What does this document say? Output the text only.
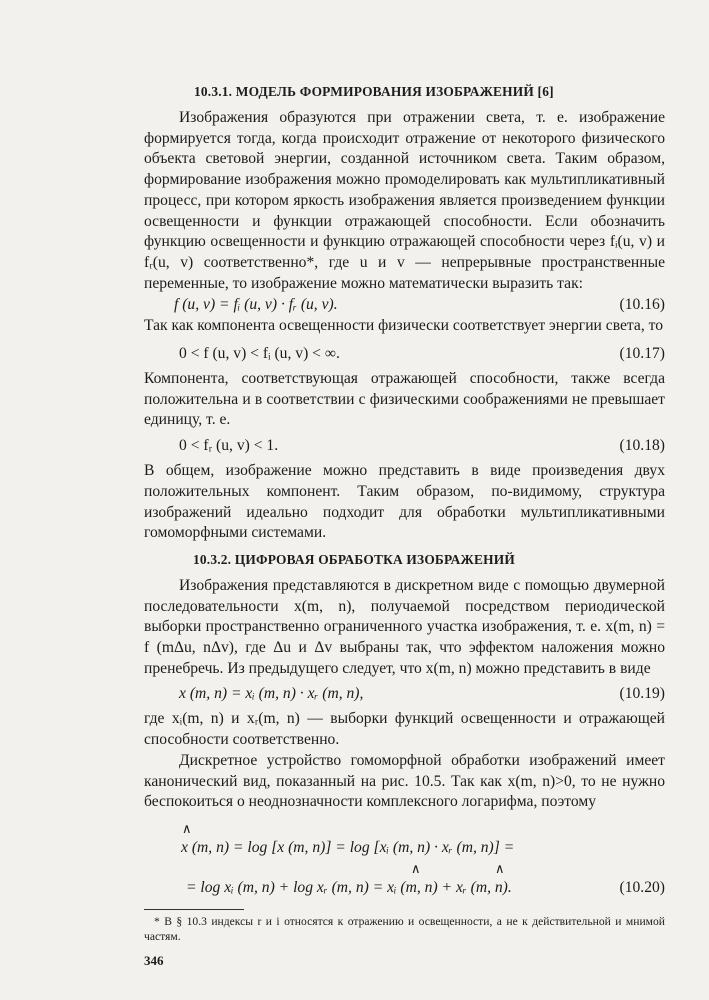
10.3.1. МОДЕЛЬ ФОРМИРОВАНИЯ ИЗОБРАЖЕНИЙ [6]

Изображения образуются при отражении света, т. е. изображение формируется тогда, когда происходит отражение от некоторого физического объекта световой энергии, созданной источником света. Таким образом, формирование изображения можно промоделировать как мультипликативный процесс, при котором яркость изображения является произведением функции освещенности и функции отражающей способности. Если обозначить функцию освещенности и функцию отражающей способности через fᵢ(u, v) и fᵣ(u, v) соответственно*, где u и v — непрерывные пространственные переменные, то изображение можно математически выразить так:

f (u, v) = fᵢ (u, v) · fᵣ (u, v).	(10.16)

Так как компонента освещенности физически соответствует энергии света, то

0 < f (u, v) < fᵢ (u, v) < ∞.	(10.17)

Компонента, соответствующая отражающей способности, также всегда положительна и в соответствии с физическими соображениями не превышает единицу, т. е.

0 < fᵣ (u, v) < 1.	(10.18)

В общем, изображение можно представить в виде произведения двух положительных компонент. Таким образом, по-видимому, структура изображений идеально подходит для обработки мультипликативными гомоморфными системами.

10.3.2. ЦИФРОВАЯ ОБРАБОТКА ИЗОБРАЖЕНИЙ

Изображения представляются в дискретном виде с помощью двумерной последовательности x(m, n), получаемой посредством периодической выборки пространственно ограниченного участка изображения, т. е. x(m, n) = f (mΔu, nΔv), где Δu и Δv выбраны так, что эффектом наложения можно пренебречь. Из предыдущего следует, что x(m, n) можно представить в виде

x (m, n) = xᵢ (m, n) · xᵣ (m, n),	(10.19)

где xᵢ(m, n) и xᵣ(m, n) — выборки функций освещенности и отражающей способности соответственно.

Дискретное устройство гомоморфной обработки изображений имеет канонический вид, показанный на рис. 10.5. Так как x(m, n)>0, то не нужно беспокоиться о неоднозначности комплексного логарифма, поэтому

∧
x (m, n) = log [x (m, n)] = log [xᵢ (m, n) · xᵣ (m, n)] =
∧	∧
= log xᵢ (m, n) + log xᵣ (m, n) = xᵢ (m, n) + xᵣ (m, n).	(10.20)

* В § 10.3 индексы r и i относятся к отражению и освещенности, а не к действительной и мнимой частям.

346
